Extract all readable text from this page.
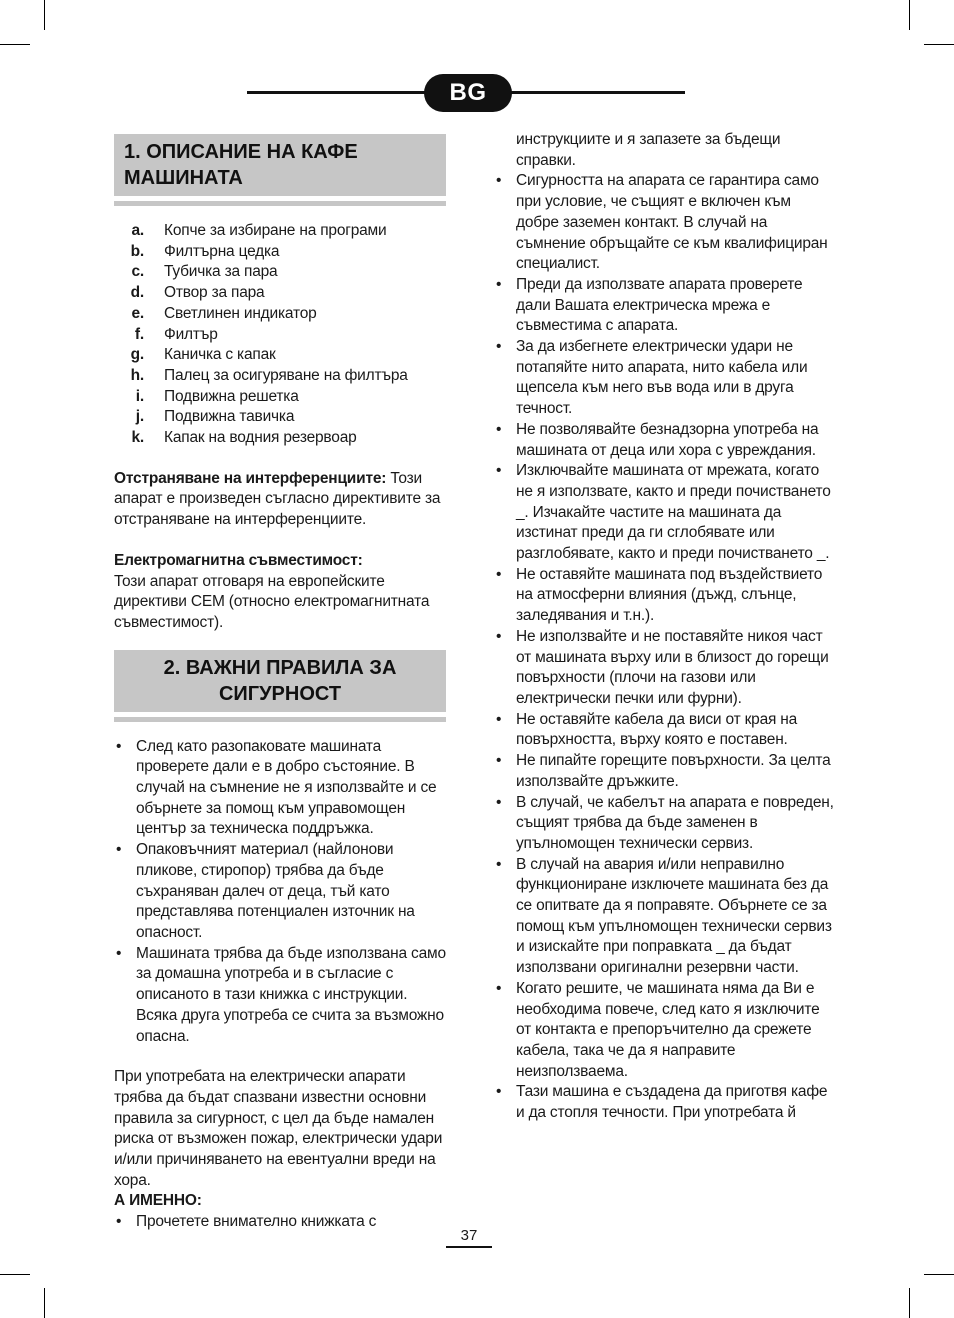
BG
1. ОПИСАНИЕ НА КАФЕ МАШИНАТА
a. Копче за избиране на програми
b. Филтърна цедка
c. Тубичка за пара
d. Отвор за пара
e. Светлинен индикатор
f. Филтър
g. Каничка с капак
h. Палец за осигуряване на филтъра
i. Подвижна решетка
j. Подвижна тавичка
k. Капак на водния резервоар

Отстраняване на интерференциите: Този апарат е произведен съгласно директивите за отстраняване на интерференциите.

Електромагнитна съвместимост:
Този апарат отговаря на европейските директиви CEM (относно електромагнитната съвместимост).

2. ВАЖНИ ПРАВИЛА ЗА
СИГУРНОСТ
• След като разопаковате машината проверете дали е в добро състояние. В случай на съмнение не я използвайте и се обърнете за помощ към управомощен център за техническа поддръжка.
• Опаковъчният материал (найлонови пликове, стиропор) трябва да бъде съхраняван далеч от деца, тъй като представлява потенциален източник на опасност.
• Машината трябва да бъде използвана само за домашна употреба и в съгласие с описаното в тази книжка с инструкции. Всяка друга употреба се счита за възможно опасна.

При употребата на електрически апарати трябва да бъдат спазвани известни основни правила за сигурност, с цел да бъде намален риска от възможен пожар, електрически удари и/или причиняването на евентуални вреди на хора.

А ИМЕННО:

• Прочетете внимателно книжката с

инструкциите и я запазете за бъдещи справки.

• Сигурността на апарата се гарантира само при условие, че същият е включен към добре заземен контакт. В случай на съмнение обръщайте се към квалифициран специалист.
• Преди да използвате апарата проверете дали Вашата електрическа мрежа е съвместима с апарата.
• За да избегнете електрически удари не потапяйте нито апарата, нито кабела или щепсела към него във вода или в друга течност.
• Не позволявайте безнадзорна употреба на машината от деца или хора с увреждания.
• Изключвайте машината от мрежата, когато не я използвате, както и преди почистването _. Изчакайте частите на машината да изстинат преди да ги сглобявате или разглобявате, както и преди почистването _.
• Не оставяйте машината под въздействието на атмосферни влияния (дъжд, слънце, заледявания и т.н.).
• Не използвайте и не поставяйте никоя част от машината върху или в близост до горещи повърхности (плочи на газови или електрически печки или фурни).
• Не оставяйте кабела да виси от края на повърхността, върху която е поставен.
• Не пипайте горещите повърхности. За целта използвайте дръжките.
• В случай, че кабелът на апарата е повреден, същият трябва да бъде заменен в упълномощен технически сервиз.
• В случай на авария и/или неправилно функциониране изключете машината без да се опитвате да я поправяте. Обърнете се за помощ към упълномощен технически сервиз и изискайте при поправката _ да бъдат използвани оригинални резервни части.
• Когато решите, че машината няма да Ви е необходима повече, след като я изключите от контакта е препоръчително да срежете кабела, така че да я направите неизползваема.
• Тази машина е създадена да приготвя кафе и да стопля течности. При употребата й
37
